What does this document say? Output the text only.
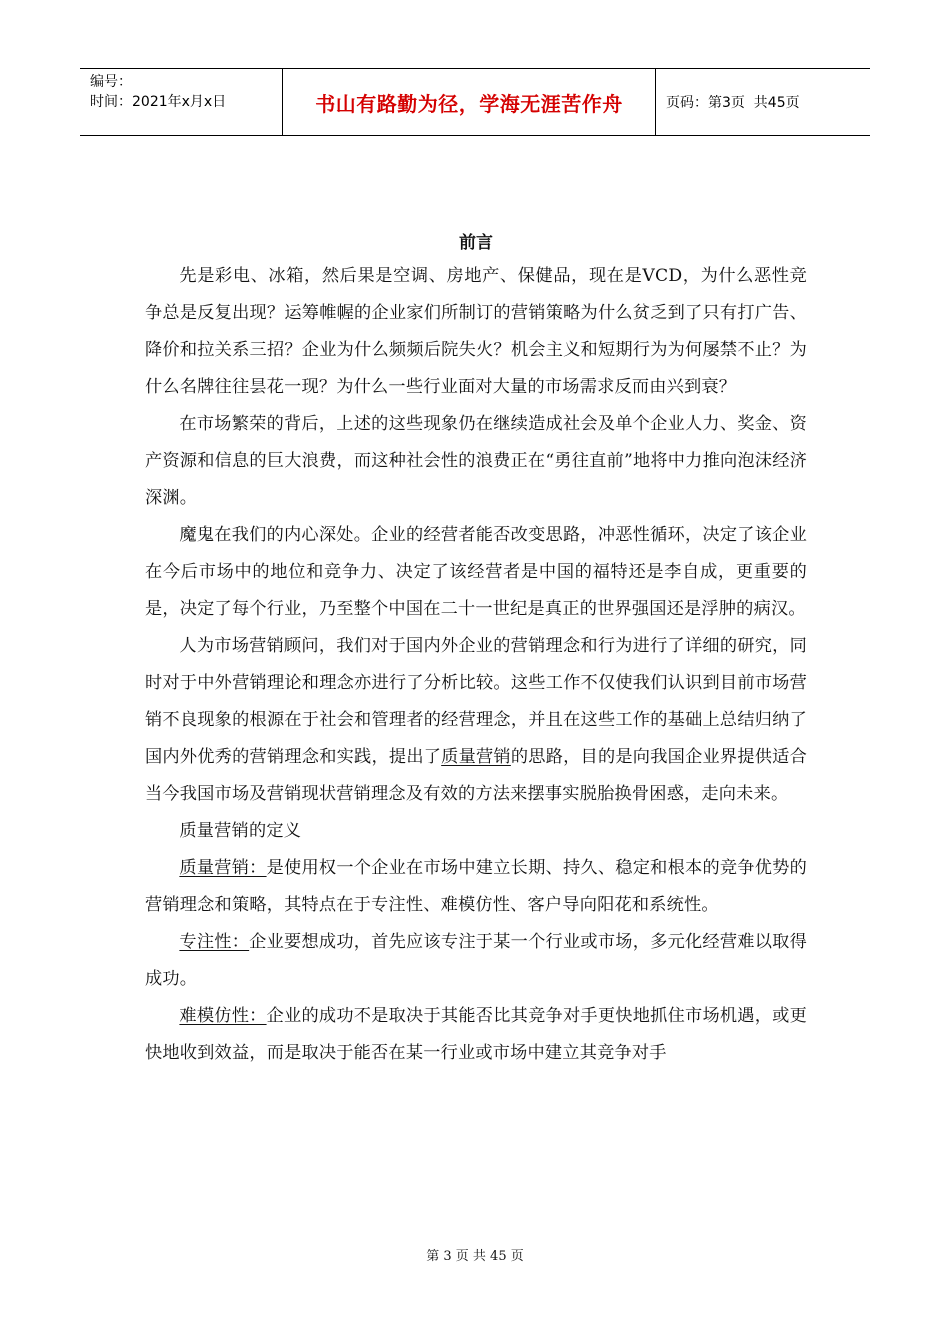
编号：
时间：2021年x月x日	书山有路勤为径，学海无涯苦作舟	页码：第3页  共45页
前言

先是彩电、冰箱，然后果是空调、房地产、保健品，现在是VCD，为什么恶性竞争总是反复出现？运筹帷幄的企业家们所制订的营销策略为什么贫乏到了只有打广告、降价和拉关系三招？企业为什么频频后院失火？机会主义和短期行为为何屡禁不止？为什么名牌往往昙花一现？为什么一些行业面对大量的市场需求反而由兴到衰？

在市场繁荣的背后，上述的这些现象仍在继续造成社会及单个企业人力、奖金、资产资源和信息的巨大浪费，而这种社会性的浪费正在“勇往直前”地将中力推向泡沫经济深渊。

魔鬼在我们的内心深处。企业的经营者能否改变思路，冲恶性循环，决定了该企业在今后市场中的地位和竞争力、决定了该经营者是中国的福特还是李自成，更重要的是，决定了每个行业，乃至整个中国在二十一世纪是真正的世界强国还是浮肿的病汉。

人为市场营销顾问，我们对于国内外企业的营销理念和行为进行了详细的研究，同时对于中外营销理论和理念亦进行了分析比较。这些工作不仅使我们认识到目前市场营销不良现象的根源在于社会和管理者的经营理念，并且在这些工作的基础上总结归纳了国内外优秀的营销理念和实践，提出了质量营销的思路，目的是向我国企业界提供适合当今我国市场及营销现状营销理念及有效的方法来摆事实脱胎换骨困惑，走向未来。

质量营销的定义

质量营销：是使用权一个企业在市场中建立长期、持久、稳定和根本的竞争优势的营销理念和策略，其特点在于专注性、难模仿性、客户导向阳花和系统性。

专注性：企业要想成功，首先应该专注于某一个行业或市场，多元化经营难以取得成功。

难模仿性：企业的成功不是取决于其能否比其竞争对手更快地抓住市场机遇，或更快地收到效益，而是取决于能否在某一行业或市场中建立其竞争对手

第 3 页 共 45 页
